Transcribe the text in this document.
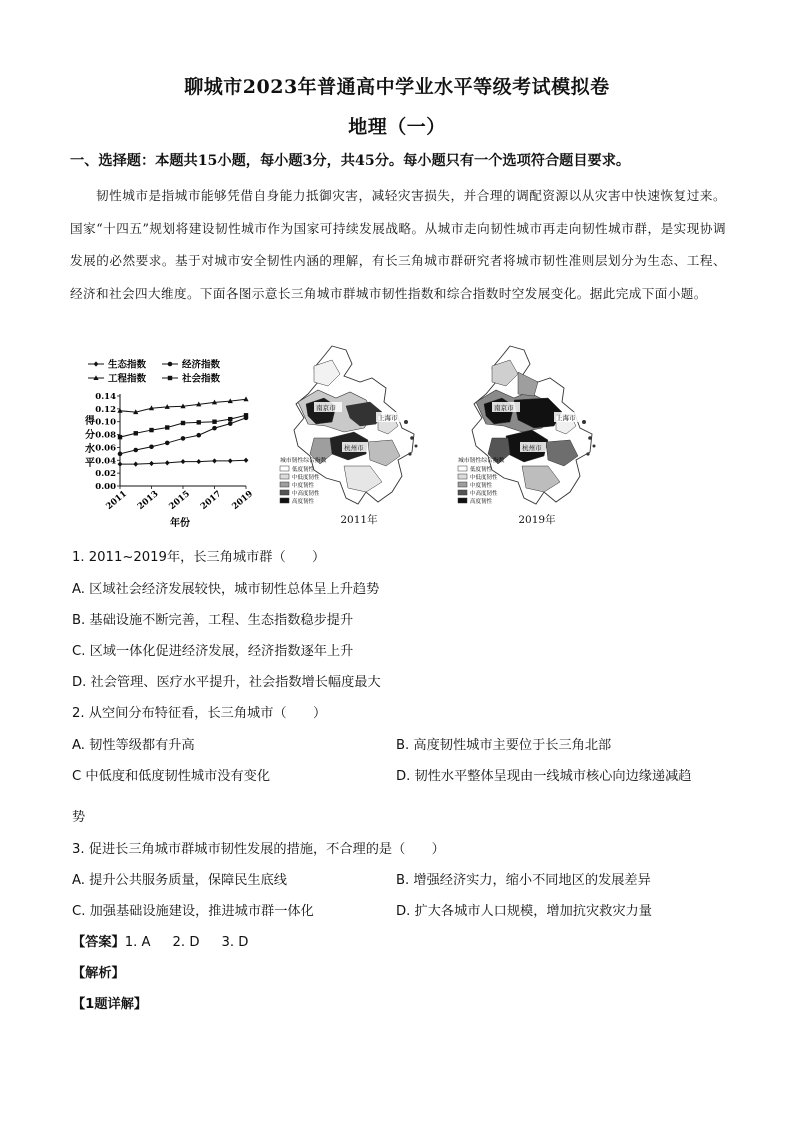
聊城市2023年普通高中学业水平等级考试模拟卷
地理（一）
一、选择题：本题共15小题，每小题3分，共45分。每小题只有一个选项符合题目要求。
韧性城市是指城市能够凭借自身能力抵御灾害，减轻灾害损失，并合理的调配资源以从灾害中快速恢复过来。国家“十四五”规划将建设韧性城市作为国家可持续发展战略。从城市走向韧性城市再走向韧性城市群，是实现协调发展的必然要求。基于对城市安全韧性内涵的理解，有长三角城市群研究者将城市韧性准则层划分为生态、工程、经济和社会四大维度。下面各图示意长三角城市群城市韧性指数和综合指数时空发展变化。据此完成下面小题。
生态指数	经济指数
工程指数	社会指数
0.00
0.02
0.04
0.06
0.08
0.10
0.12
0.14
2011 2013 2015 2017 2019
得
分
水
平
年份
南京市
上海市
杭州市
城市韧性综合指数
低度韧性
中低度韧性
中度韧性
中高度韧性
高度韧性
2011年
南京市
上海市
杭州市
城市韧性综合指数
低度韧性
中低度韧性
中度韧性
中高度韧性
高度韧性
2019年
1. 2011~2019年，长三角城市群（　　）
A. 区域社会经济发展较快，城市韧性总体呈上升趋势
B. 基础设施不断完善，工程、生态指数稳步提升
C. 区域一体化促进经济发展，经济指数逐年上升
D. 社会管理、医疗水平提升，社会指数增长幅度最大
2. 从空间分布特征看，长三角城市（　　）
A. 韧性等级都有升高	B. 高度韧性城市主要位于长三角北部
C 中低度和低度韧性城市没有变化	D. 韧性水平整体呈现由一线城市核心向边缘递减趋
势
3. 促进长三角城市群城市韧性发展的措施，不合理的是（　　）
A. 提升公共服务质量，保障民生底线	B. 增强经济实力，缩小不同地区的发展差异
C. 加强基础设施建设，推进城市群一体化	D. 扩大各城市人口规模，增加抗灾救灾力量
【答案】1. A 2. D 3. D
【解析】
【1题详解】
